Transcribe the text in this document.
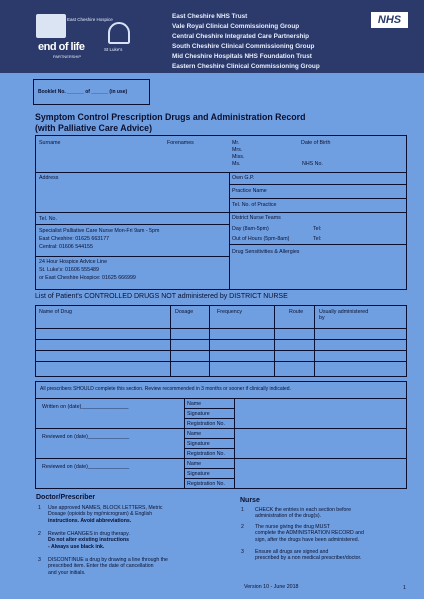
East Cheshire Hospice
end of life
PARTNERSHIP
St Luke's
East Cheshire NHS Trust
Vale Royal Clinical Commissioning Group
Central Cheshire Integrated Care Partnership
South Cheshire Clinical Commissioning Group
Mid Cheshire Hospitals NHS Foundation Trust
Eastern Cheshire Clinical Commissioning Group
NHS
Booklet No. ______ of ______ (in use)
Symptom Control Prescription Drugs and Administration Record
(with Palliative Care Advice)
Surname	Forenames	Mr.
Mrs.
Miss.
Ms.
Date of Birth
NHS No.
Address	Own G.P.
Practice Name
Tel. No. of Practice
Tel. No.	District Nurse Teams
Day (8am-5pm)	Tel:
Out of Hours (5pm-8am)	Tel:
Drug Sensitivities & Allergies
Specialist Palliative Care Nurse Mon-Fri 9am - 5pm
East Cheshire: 01625 663177
Central: 01606 544155
24 Hour Hospice Advice Line
St. Luke's: 01606 555489
or East Cheshire Hospice: 01625 666999
List of Patient's CONTROLLED DRUGS NOT administered by DISTRICT NURSE
Name of Drug	Dosage	Frequency	Route	Usually administered by
All prescribers SHOULD complete this section. Review recommended in 3 months or sooner if clinically indicated.
Written on (date)________________
Reviewed on (date)______________
Reviewed on (date)______________
Name
Signature
Registration No.
Name
Signature
Registration No.
Name
Signature
Registration No.
Doctor/Prescriber
1 Use approved NAMES, BLOCK LETTERS, Metric
Dosage (opioids by mg/microgram) & English
instructions. Avoid abbreviations.
2 Rewrite CHANGES in drug therapy.
Do not alter existing instructions
- Always use black ink.
3 DISCONTINUE a drug by drawing a line through the
prescribed item. Enter the date of cancellation
and your initials.
Nurse
1 CHECK the entries in each section before
administration of the drug(s).
2 The nurse giving the drug MUST
complete the ADMINISTRATION RECORD and
sign, after the drugs have been administered.
3 Ensure all drugs are signed and
prescribed by a non medical prescriber/doctor.
Version 10 - June 2018	1
